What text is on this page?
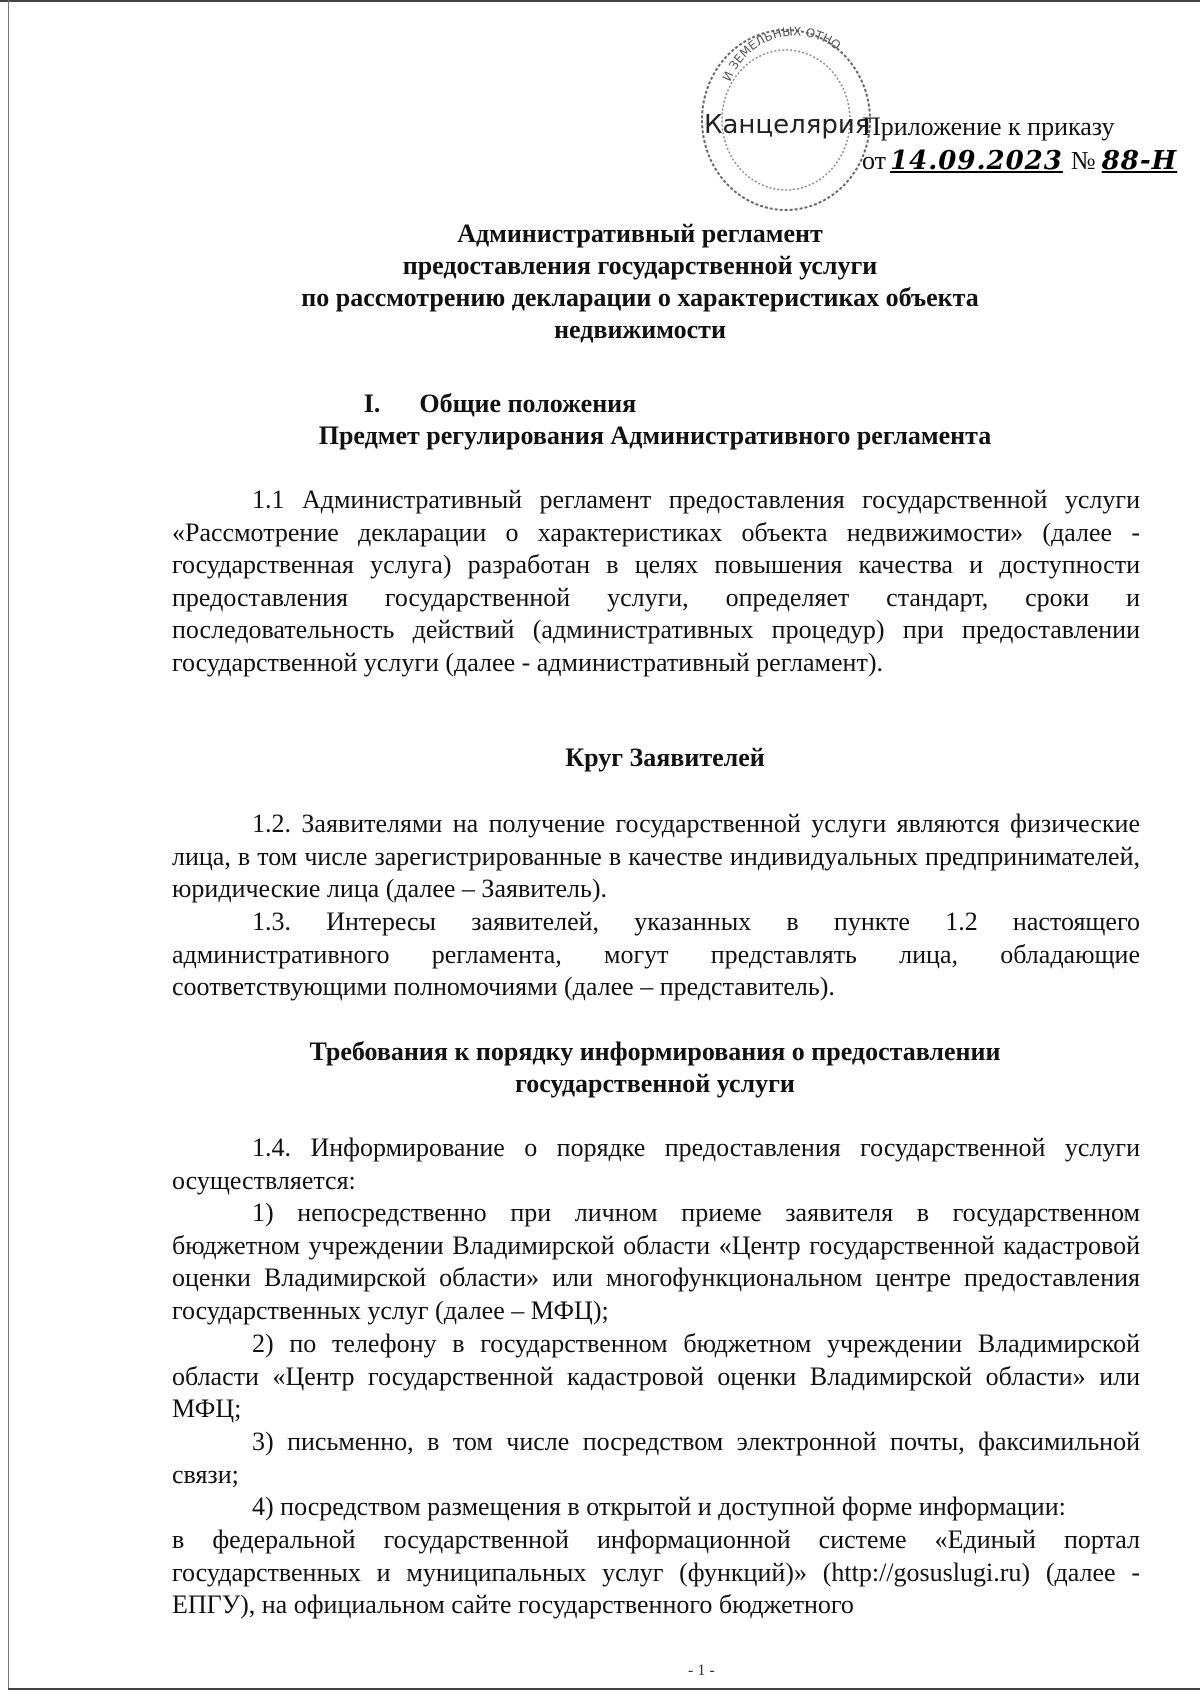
И ЗЕМЕЛЬНЫХ ОТНО
Канцелярия
Приложение к приказу
от 14.09.2023 № 88-Н
Административный регламент
предоставления государственной услуги
по рассмотрению декларации о характеристиках объекта
недвижимости
I.      Общие положения
Предмет регулирования Административного регламента

1.1 Административный регламент предоставления государственной услуги «Рассмотрение декларации о характеристиках объекта недвижимости» (далее - государственная услуга) разработан в целях повышения качества и доступности предоставления государственной услуги, определяет стандарт, сроки и последовательность действий (административных процедур) при предоставлении государственной услуги (далее - административный регламент).

Круг Заявителей

1.2. Заявителями на получение государственной услуги являются физические лица, в том числе зарегистрированные в качестве индивидуальных предпринимателей, юридические лица (далее – Заявитель).

1.3. Интересы заявителей, указанных в пункте 1.2 настоящего административного регламента, могут представлять лица, обладающие соответствующими полномочиями (далее – представитель).

Требования к порядку информирования о предоставлении
государственной услуги

1.4. Информирование о порядке предоставления государственной услуги осуществляется:

1) непосредственно при личном приеме заявителя в государственном бюджетном учреждении Владимирской области «Центр государственной кадастровой оценки Владимирской области» или многофункциональном центре предоставления государственных услуг (далее – МФЦ);

2) по телефону в государственном бюджетном учреждении Владимирской области «Центр государственной кадастровой оценки Владимирской области» или МФЦ;

3) письменно, в том числе посредством электронной почты, факсимильной связи;

4) посредством размещения в открытой и доступной форме информации:

в федеральной государственной информационной системе «Единый портал государственных и муниципальных услуг (функций)» (http://gosuslugi.ru) (далее - ЕПГУ), на официальном сайте государственного бюджетного

- 1 -
